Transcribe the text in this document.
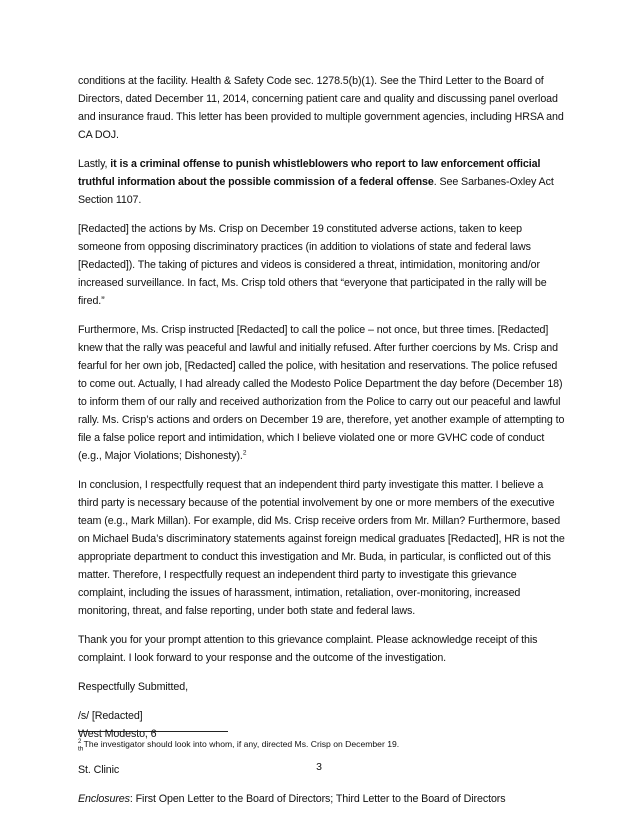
conditions at the facility. Health & Safety Code sec. 1278.5(b)(1). See the Third Letter to the Board of Directors, dated December 11, 2014, concerning patient care and quality and discussing panel overload and insurance fraud. This letter has been provided to multiple government agencies, including HRSA and CA DOJ.

Lastly, it is a criminal offense to punish whistleblowers who report to law enforcement official truthful information about the possible commission of a federal offense. See Sarbanes-Oxley Act Section 1107.

[Redacted] the actions by Ms. Crisp on December 19 constituted adverse actions, taken to keep someone from opposing discriminatory practices (in addition to violations of state and federal laws [Redacted]). The taking of pictures and videos is considered a threat, intimidation, monitoring and/or increased surveillance. In fact, Ms. Crisp told others that “everyone that participated in the rally will be fired.”

Furthermore, Ms. Crisp instructed [Redacted] to call the police – not once, but three times. [Redacted] knew that the rally was peaceful and lawful and initially refused. After further coercions by Ms. Crisp and fearful for her own job, [Redacted] called the police, with hesitation and reservations. The police refused to come out. Actually, I had already called the Modesto Police Department the day before (December 18) to inform them of our rally and received authorization from the Police to carry out our peaceful and lawful rally. Ms. Crisp’s actions and orders on December 19 are, therefore, yet another example of attempting to file a false police report and intimidation, which I believe violated one or more GVHC code of conduct (e.g., Major Violations; Dishonesty).$^2$

In conclusion, I respectfully request that an independent third party investigate this matter. I believe a third party is necessary because of the potential involvement by one or more members of the executive team (e.g., Mark Millan). For example, did Ms. Crisp receive orders from Mr. Millan? Furthermore, based on Michael Buda’s discriminatory statements against foreign medical graduates [Redacted], HR is not the appropriate department to conduct this investigation and Mr. Buda, in particular, is conflicted out of this matter. Therefore, I respectfully request an independent third party to investigate this grievance complaint, including the issues of harassment, intimation, retaliation, over-monitoring, increased monitoring, threat, and false reporting, under both state and federal laws.

Thank you for your prompt attention to this grievance complaint. Please acknowledge receipt of this complaint. I look forward to your response and the outcome of the investigation.

Respectfully Submitted,

/s/ [Redacted]
West Modesto, 6
$^{th}$
St. Clinic

Enclosures: First Open Letter to the Board of Directors; Third Letter to the Board of Directors

$^2$ The investigator should look into whom, if any, directed Ms. Crisp on December 19.
3
